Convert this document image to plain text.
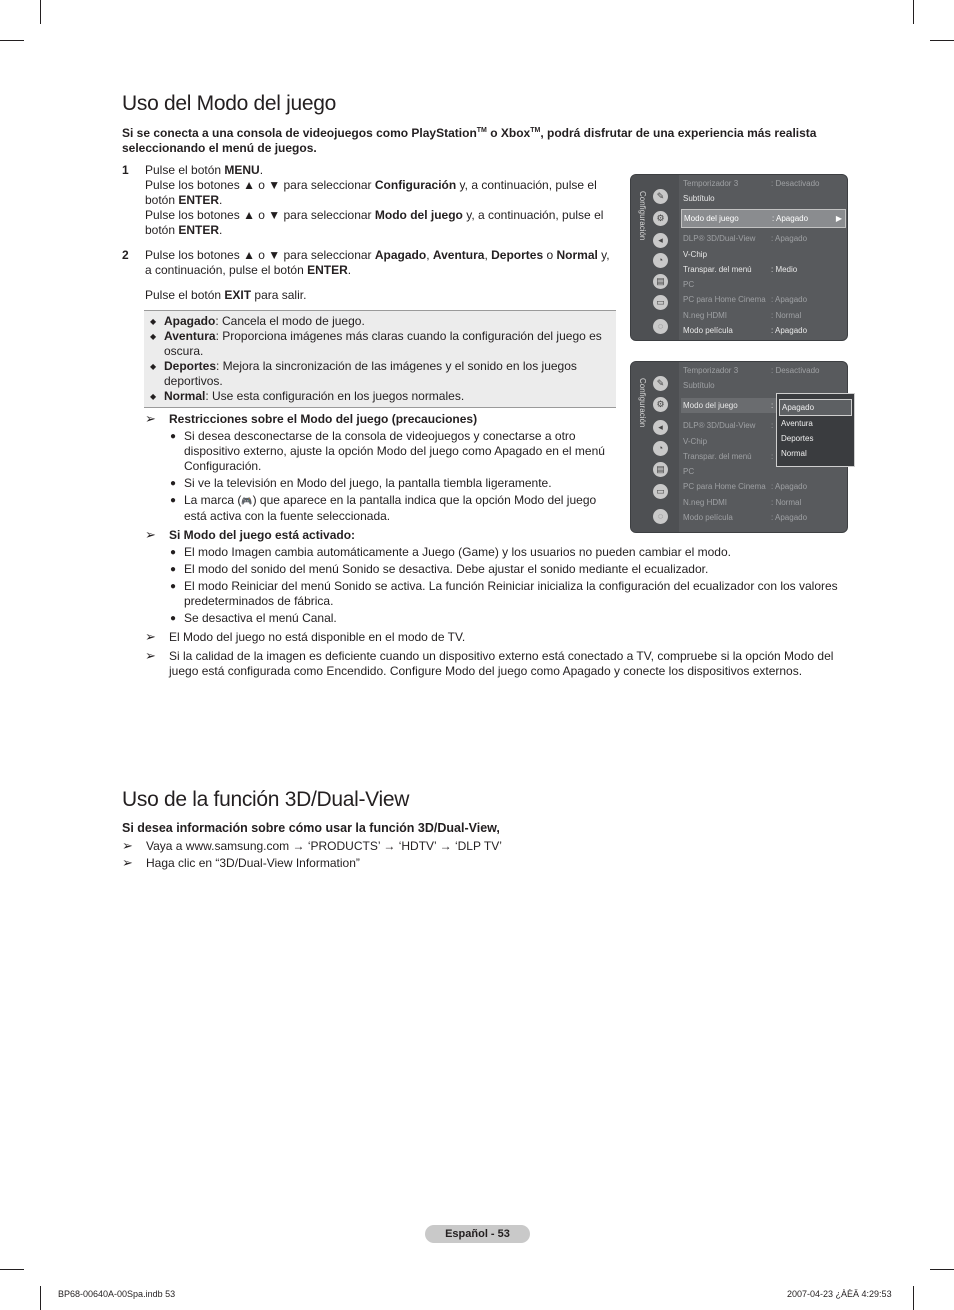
Uso del Modo del juego
Si se conecta a una consola de videojuegos como PlayStation™ o Xbox™, podrá disfrutar de una experiencia más realista
seleccionando el menú de juegos.
1 Pulse el botón MENU.
Pulse los botones ▲ o ▼ para seleccionar Configuración y, a continuación, pulse el
botón ENTER.
Pulse los botones ▲ o ▼ para seleccionar Modo del juego y, a continuación, pulse el
botón ENTER.
2 Pulse los botones ▲ o ▼ para seleccionar Apagado, Aventura, Deportes o Normal y,
a continuación, pulse el botón ENTER.
Pulse el botón EXIT para salir.
◆ Apagado: Cancela el modo de juego.
◆ Aventura: Proporciona imágenes más claras cuando la configuración del juego es
oscura.
◆ Deportes: Mejora la sincronización de las imágenes y el sonido en los juegos
deportivos.
◆ Normal: Use esta configuración en los juegos normales.
➢ Restricciones sobre el Modo del juego (precauciones)
● Si desea desconectarse de la consola de videojuegos y conectarse a otro
dispositivo externo, ajuste la opción Modo del juego como Apagado en el menú
Configuración.
● Si ve la televisión en Modo del juego, la pantalla tiembla ligeramente.
● La marca (🎮) que aparece en la pantalla indica que la opción Modo del juego
está activa con la fuente seleccionada.
➢ Si Modo del juego está activado:
● El modo Imagen cambia automáticamente a Juego (Game) y los usuarios no pueden cambiar el modo.
● El modo del sonido del menú Sonido se desactiva. Debe ajustar el sonido mediante el ecualizador.
● El modo Reiniciar del menú Sonido se activa. La función Reiniciar inicializa la configuración del ecualizador con los valores
predeterminados de fábrica.
● Se desactiva el menú Canal.
➢ El Modo del juego no está disponible en el modo de TV.
➢ Si la calidad de la imagen es deficiente cuando un dispositivo externo está conectado a TV, compruebe si la opción Modo del
juego está configurada como Encendido. Configure Modo del juego como Apagado y conecte los dispositivos externos.
Configuración	✎
⚙
◂
◔
▤
▭
◌
Temporizador 3	: Desactivado
Subtítulo
Modo del juego	: Apagado	▶
DLP® 3D/Dual-View : Apagado
V-Chip
Transpar. del menú : Medio
PC
PC para Home Cinema : Apagado
N.neg HDMI	: Normal
Modo película	: Apagado
Configuración	✎
⚙
◂
◔
▤
▭
◌
Temporizador 3	: Desactivado
Subtítulo
Modo del juego	:
DLP® 3D/Dual-View :
V-Chip
Transpar. del menú :
PC
PC para Home Cinema : Apagado
N.neg HDMI	: Normal
Modo película	: Apagado
Apagado
Aventura
Deportes
Normal
Uso de la función 3D/Dual-View
Si desea información sobre cómo usar la función 3D/Dual-View,
➢ Vaya a www.samsung.com → ‘PRODUCTS’ → ‘HDTV’ → ‘DLP TV’
➢ Haga clic en “3D/Dual-View Information”
Español - 53
BP68-00640A-00Spa.indb 53	2007-04-23 ¿ÀÈÄ 4:29:53
